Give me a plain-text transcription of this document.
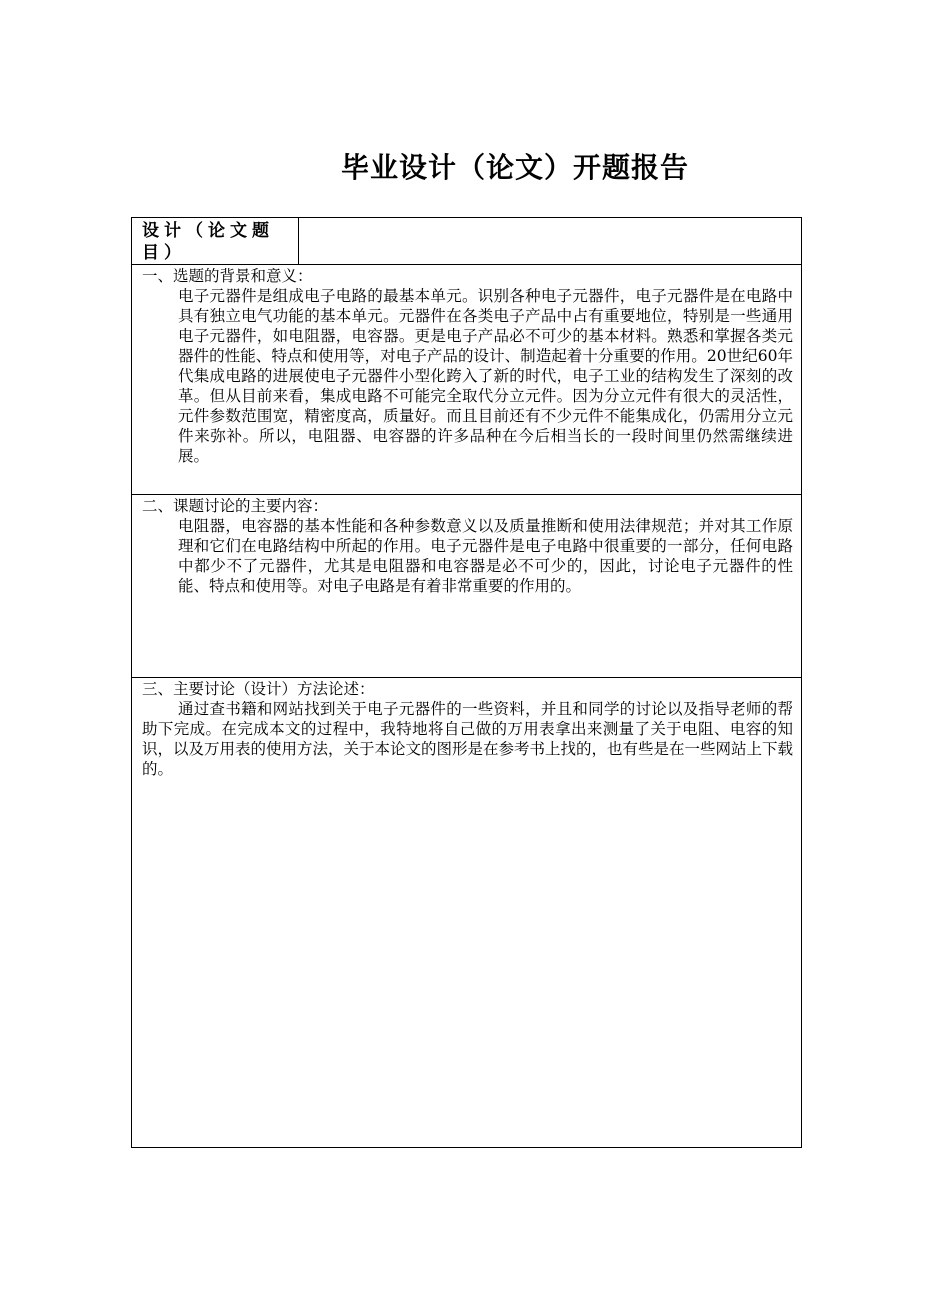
毕业设计（论文）开题报告
设计（论文题目）	

一、选题的背景和意义：

电子元器件是组成电子电路的最基本单元。识别各种电子元器件，电子元器件是在电路中具有独立电气功能的基本单元。元器件在各类电子产品中占有重要地位，特别是一些通用电子元器件，如电阻器，电容器。更是电子产品必不可少的基本材料。熟悉和掌握各类元器件的性能、特点和使用等，对电子产品的设计、制造起着十分重要的作用。20世纪60年代集成电路的进展使电子元器件小型化跨入了新的时代，电子工业的结构发生了深刻的改革。但从目前来看，集成电路不可能完全取代分立元件。因为分立元件有很大的灵活性，元件参数范围宽，精密度高，质量好。而且目前还有不少元件不能集成化，仍需用分立元件来弥补。所以，电阻器、电容器的许多品种在今后相当长的一段时间里仍然需继续进展。

二、课题讨论的主要内容：

电阻器，电容器的基本性能和各种参数意义以及质量推断和使用法律规范；并对其工作原理和它们在电路结构中所起的作用。电子元器件是电子电路中很重要的一部分，任何电路中都少不了元器件，尤其是电阻器和电容器是必不可少的，因此，讨论电子元器件的性能、特点和使用等。对电子电路是有着非常重要的作用的。

三、主要讨论（设计）方法论述：

通过查书籍和网站找到关于电子元器件的一些资料，并且和同学的讨论以及指导老师的帮助下完成。在完成本文的过程中，我特地将自己做的万用表拿出来测量了关于电阻、电容的知识，以及万用表的使用方法，关于本论文的图形是在参考书上找的，也有些是在一些网站上下载的。
